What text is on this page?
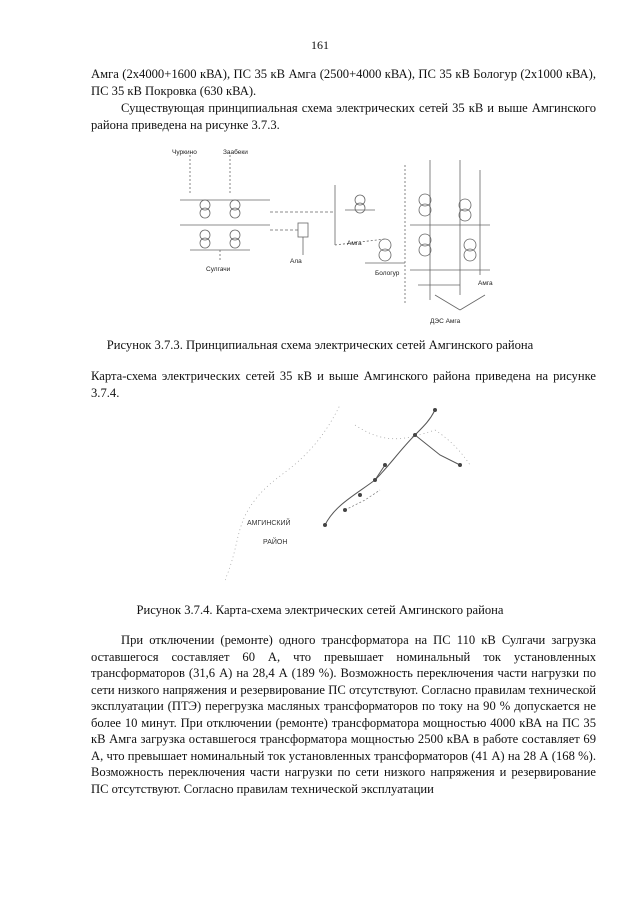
161

Амга (2х4000+1600 кВА), ПС 35 кВ Амга (2500+4000 кВА), ПС 35 кВ Бологур (2х1000 кВА), ПС 35 кВ Покровка (630 кВА).

Существующая принципиальная схема электрических сетей 35 кВ и выше Амгинского района приведена на рисунке 3.7.3.

Чуркино	Заабеки
Сулгачи
Ала
Амга
Бологур
Амга
ДЭС Амга
Рисунок 3.7.3. Принципиальная схема электрических сетей Амгинского района

Карта-схема электрических сетей 35 кВ и выше Амгинского района приведена на рисунке 3.7.4.

АМГИНСКИЙ
РАЙОН
Рисунок 3.7.4. Карта-схема электрических сетей Амгинского района

При отключении (ремонте) одного трансформатора на ПС 110 кВ Сулгачи загрузка оставшегося составляет 60 А, что превышает номинальный ток установленных трансформаторов (31,6 А) на 28,4 А (189 %). Возможность переключения части нагрузки по сети низкого напряжения и резервирование ПС отсутствуют. Согласно правилам технической эксплуатации (ПТЭ) перегрузка масляных трансформаторов по току на 90 % допускается не более 10 минут. При отключении (ремонте) трансформатора мощностью 4000 кВА на ПС 35 кВ Амга загрузка оставшегося трансформатора мощностью 2500 кВА в работе составляет 69 А, что превышает номинальный ток установленных трансформаторов (41 А) на 28 А (168 %). Возможность переключения части нагрузки по сети низкого напряжения и резервирование ПС отсутствуют. Согласно правилам технической эксплуатации
